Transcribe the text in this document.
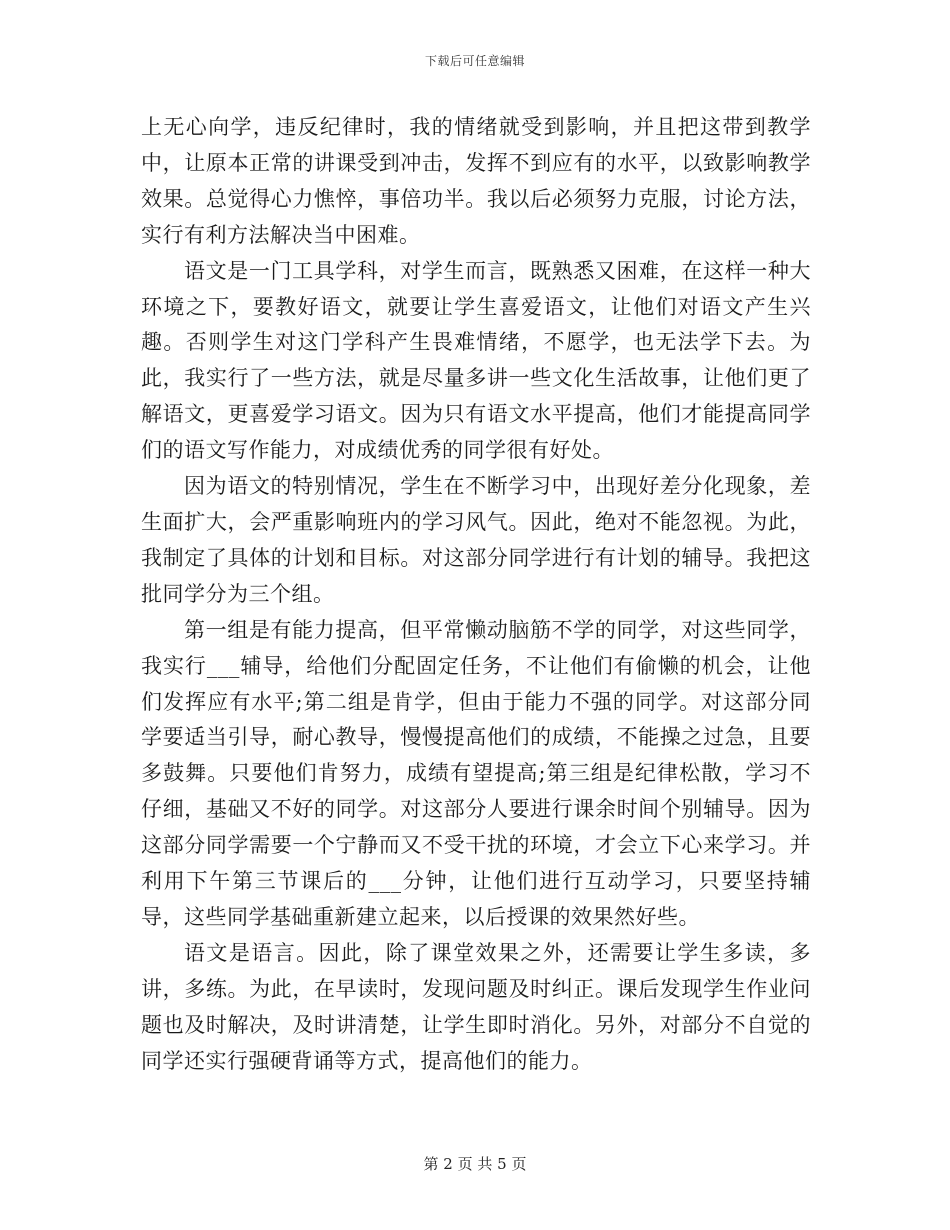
下载后可任意编辑

上无心向学，违反纪律时，我的情绪就受到影响，并且把这带到教学中，让原本正常的讲课受到冲击，发挥不到应有的水平，以致影响教学效果。总觉得心力憔悴，事倍功半。我以后必须努力克服，讨论方法，实行有利方法解决当中困难。

语文是一门工具学科，对学生而言，既熟悉又困难，在这样一种大环境之下，要教好语文，就要让学生喜爱语文，让他们对语文产生兴趣。否则学生对这门学科产生畏难情绪，不愿学，也无法学下去。为此，我实行了一些方法，就是尽量多讲一些文化生活故事，让他们更了解语文，更喜爱学习语文。因为只有语文水平提高，他们才能提高同学们的语文写作能力，对成绩优秀的同学很有好处。

因为语文的特别情况，学生在不断学习中，出现好差分化现象，差生面扩大，会严重影响班内的学习风气。因此，绝对不能忽视。为此，我制定了具体的计划和目标。对这部分同学进行有计划的辅导。我把这批同学分为三个组。

第一组是有能力提高，但平常懒动脑筋不学的同学，对这些同学，我实行___辅导，给他们分配固定任务，不让他们有偷懒的机会，让他们发挥应有水平;第二组是肯学，但由于能力不强的同学。对这部分同学要适当引导，耐心教导，慢慢提高他们的成绩，不能操之过急，且要多鼓舞。只要他们肯努力，成绩有望提高;第三组是纪律松散，学习不仔细，基础又不好的同学。对这部分人要进行课余时间个别辅导。因为这部分同学需要一个宁静而又不受干扰的环境，才会立下心来学习。并利用下午第三节课后的___分钟，让他们进行互动学习，只要坚持辅导，这些同学基础重新建立起来，以后授课的效果然好些。

语文是语言。因此，除了课堂效果之外，还需要让学生多读，多讲，多练。为此，在早读时，发现问题及时纠正。课后发现学生作业问题也及时解决，及时讲清楚，让学生即时消化。另外，对部分不自觉的同学还实行强硬背诵等方式，提高他们的能力。

第 2 页 共 5 页
